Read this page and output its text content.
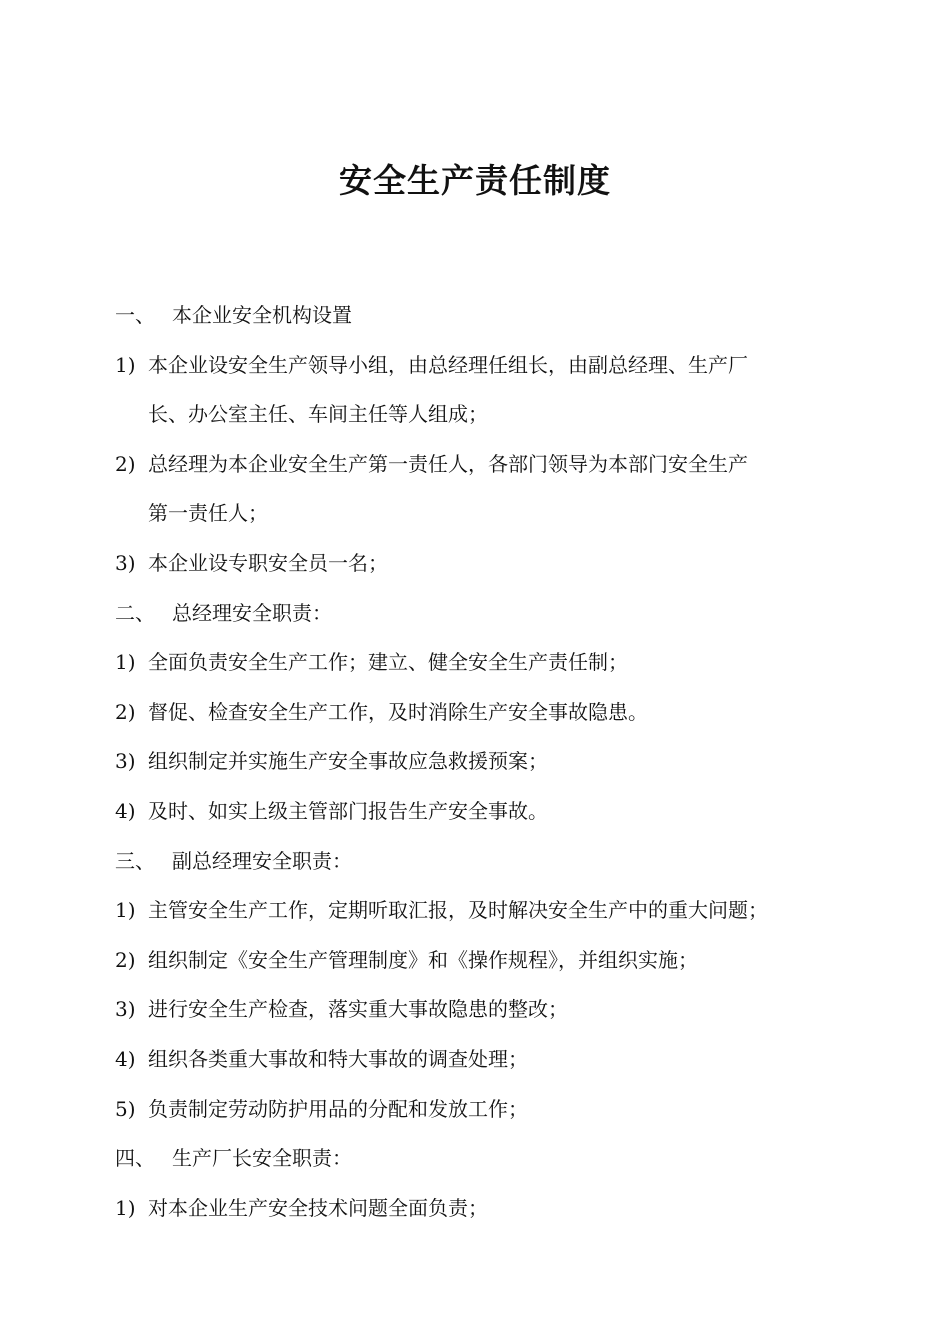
安全生产责任制度
一、 本企业安全机构设置
1) 本企业设安全生产领导小组，由总经理任组长，由副总经理、生产厂
长、办公室主任、车间主任等人组成；
2) 总经理为本企业安全生产第一责任人，各部门领导为本部门安全生产
第一责任人；
3) 本企业设专职安全员一名；
二、 总经理安全职责：
1) 全面负责安全生产工作；建立、健全安全生产责任制；
2) 督促、检查安全生产工作，及时消除生产安全事故隐患。
3) 组织制定并实施生产安全事故应急救援预案；
4) 及时、如实上级主管部门报告生产安全事故。
三、 副总经理安全职责：
1) 主管安全生产工作，定期听取汇报，及时解决安全生产中的重大问题；
2) 组织制定《安全生产管理制度》和《操作规程》，并组织实施；
3) 进行安全生产检查，落实重大事故隐患的整改；
4) 组织各类重大事故和特大事故的调查处理；
5) 负责制定劳动防护用品的分配和发放工作；
四、 生产厂长安全职责：
1) 对本企业生产安全技术问题全面负责；
